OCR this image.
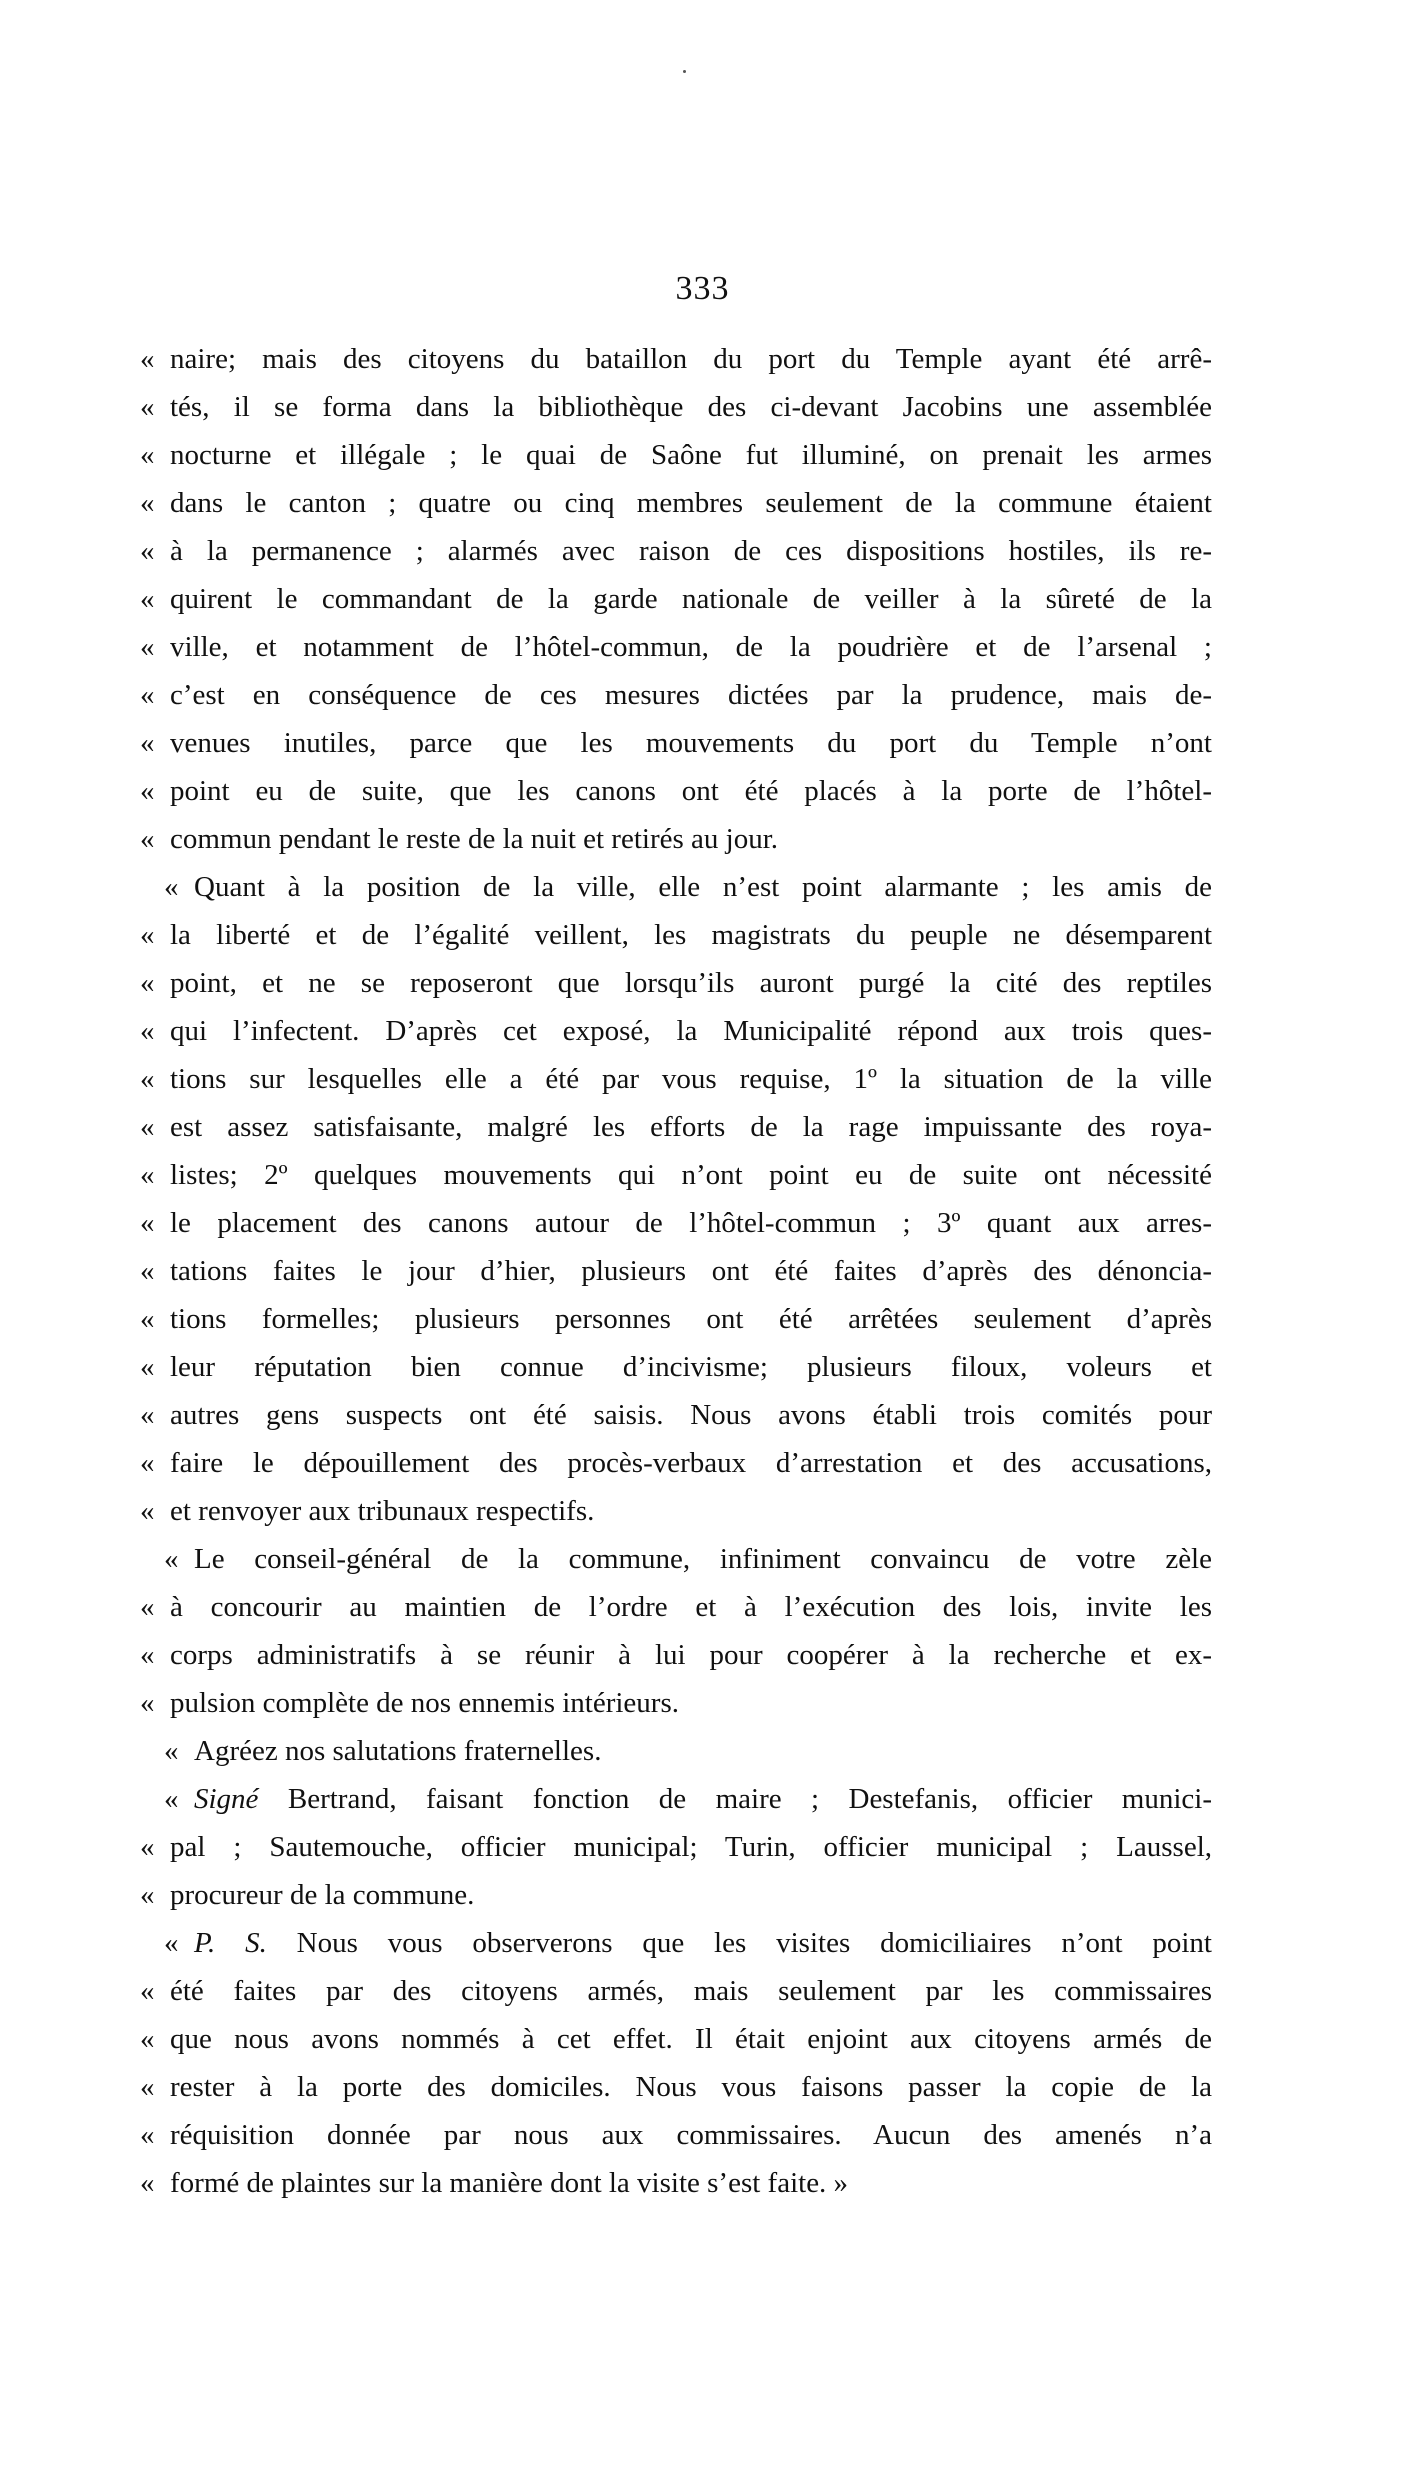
333
« naire; mais des citoyens du bataillon du port du Temple ayant été arrê-
« tés, il se forma dans la bibliothèque des ci-devant Jacobins une assemblée
« nocturne et illégale ; le quai de Saône fut illuminé, on prenait les armes
« dans le canton ; quatre ou cinq membres seulement de la commune étaient
« à la permanence ; alarmés avec raison de ces dispositions hostiles, ils re-
« quirent le commandant de la garde nationale de veiller à la sûreté de la
« ville, et notamment de l’hôtel-commun, de la poudrière et de l’arsenal ;
« c’est en conséquence de ces mesures dictées par la prudence, mais de-
« venues inutiles, parce que les mouvements du port du Temple n’ont
« point eu de suite, que les canons ont été placés à la porte de l’hôtel-
« commun pendant le reste de la nuit et retirés au jour.
« Quant à la position de la ville, elle n’est point alarmante ; les amis de
« la liberté et de l’égalité veillent, les magistrats du peuple ne désemparent
« point, et ne se reposeront que lorsqu’ils auront purgé la cité des reptiles
« qui l’infectent. D’après cet exposé, la Municipalité répond aux trois ques-
« tions sur lesquelles elle a été par vous requise, 1º la situation de la ville
« est assez satisfaisante, malgré les efforts de la rage impuissante des roya-
« listes; 2º quelques mouvements qui n’ont point eu de suite ont nécessité
« le placement des canons autour de l’hôtel-commun ; 3º quant aux arres-
« tations faites le jour d’hier, plusieurs ont été faites d’après des dénoncia-
« tions formelles; plusieurs personnes ont été arrêtées seulement d’après
« leur réputation bien connue d’incivisme; plusieurs filoux, voleurs et
« autres gens suspects ont été saisis. Nous avons établi trois comités pour
« faire le dépouillement des procès-verbaux d’arrestation et des accusations,
« et renvoyer aux tribunaux respectifs.
« Le conseil-général de la commune, infiniment convaincu de votre zèle
« à concourir au maintien de l’ordre et à l’exécution des lois, invite les
« corps administratifs à se réunir à lui pour coopérer à la recherche et ex-
« pulsion complète de nos ennemis intérieurs.
« Agréez nos salutations fraternelles.
« Signé Bertrand, faisant fonction de maire ; Destefanis, officier munici-
« pal ; Sautemouche, officier municipal; Turin, officier municipal ; Laussel,
« procureur de la commune.
« P. S. Nous vous observerons que les visites domiciliaires n’ont point
« été faites par des citoyens armés, mais seulement par les commissaires
« que nous avons nommés à cet effet. Il était enjoint aux citoyens armés de
« rester à la porte des domiciles. Nous vous faisons passer la copie de la
« réquisition donnée par nous aux commissaires. Aucun des amenés n’a
« formé de plaintes sur la manière dont la visite s’est faite. »
